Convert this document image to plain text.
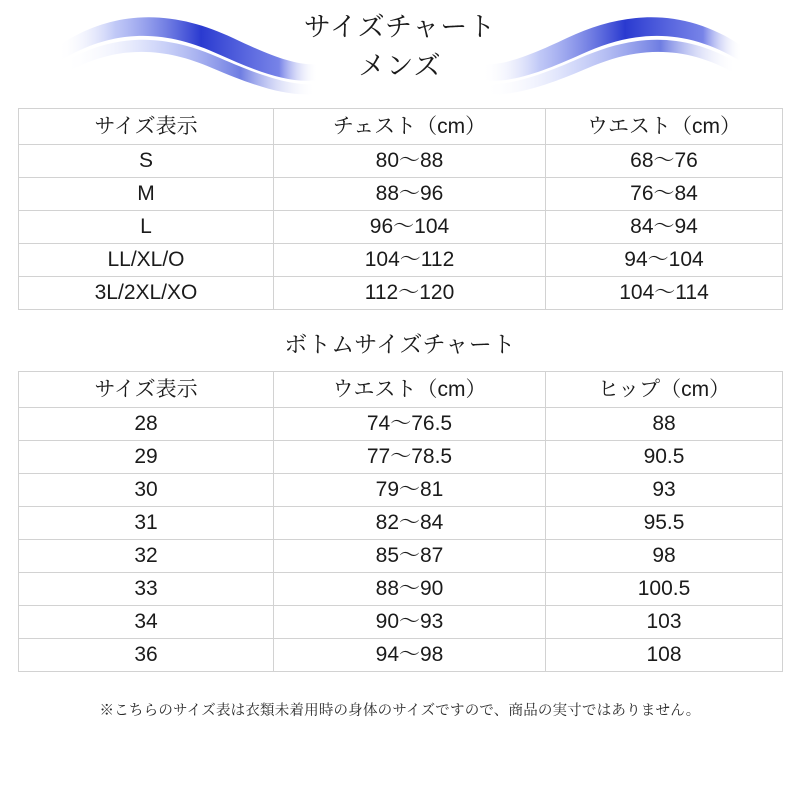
サイズチャート
メンズ
サイズ表示	チェスト（cm）	ウエスト（cm）
S	80〜88	68〜76
M	88〜96	76〜84
L	96〜104	84〜94
LL/XL/O	104〜112	94〜104
3L/2XL/XO	112〜120	104〜114
ボトムサイズチャート
サイズ表示	ウエスト（cm）	ヒップ（cm）
28	74〜76.5	88
29	77〜78.5	90.5
30	79〜81	93
31	82〜84	95.5
32	85〜87	98
33	88〜90	100.5
34	90〜93	103
36	94〜98	108
※こちらのサイズ表は衣類未着用時の身体のサイズですので、商品の実寸ではありません。
